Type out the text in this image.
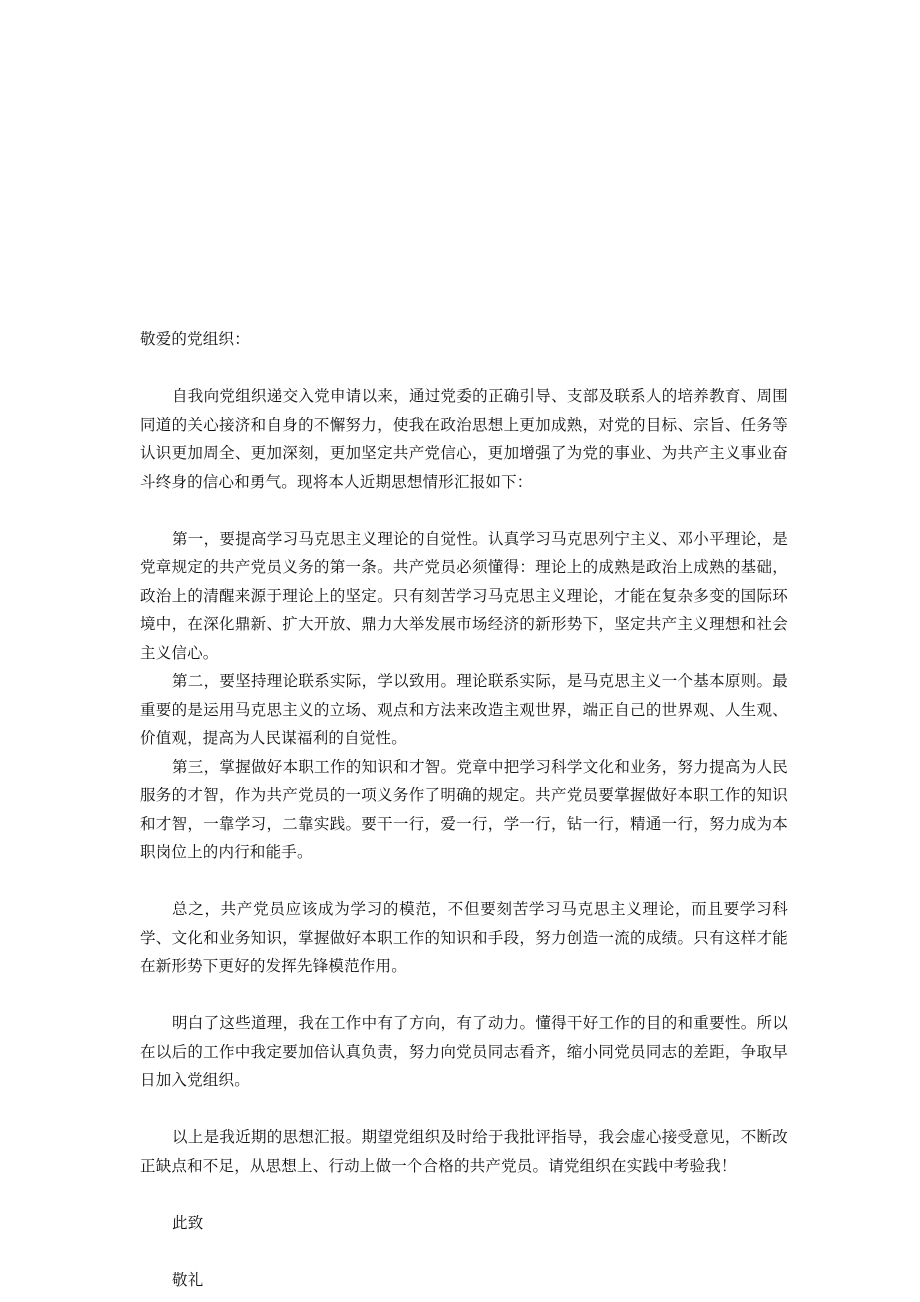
敬爱的党组织：

自我向党组织递交入党申请以来，通过党委的正确引导、支部及联系人的培养教育、周围同道的关心接济和自身的不懈努力，使我在政治思想上更加成熟，对党的目标、宗旨、任务等认识更加周全、更加深刻，更加坚定共产党信心，更加增强了为党的事业、为共产主义事业奋斗终身的信心和勇气。现将本人近期思想情形汇报如下：

第一，要提高学习马克思主义理论的自觉性。认真学习马克思列宁主义、邓小平理论，是党章规定的共产党员义务的第一条。共产党员必须懂得：理论上的成熟是政治上成熟的基础，政治上的清醒来源于理论上的坚定。只有刻苦学习马克思主义理论，才能在复杂多变的国际环境中，在深化鼎新、扩大开放、鼎力大举发展市场经济的新形势下，坚定共产主义理想和社会主义信心。

第二，要坚持理论联系实际，学以致用。理论联系实际，是马克思主义一个基本原则。最重要的是运用马克思主义的立场、观点和方法来改造主观世界，端正自己的世界观、人生观、价值观，提高为人民谋福利的自觉性。

第三，掌握做好本职工作的知识和才智。党章中把学习科学文化和业务，努力提高为人民服务的才智，作为共产党员的一项义务作了明确的规定。共产党员要掌握做好本职工作的知识和才智，一靠学习，二靠实践。要干一行，爱一行，学一行，钻一行，精通一行，努力成为本职岗位上的内行和能手。

总之，共产党员应该成为学习的模范，不但要刻苦学习马克思主义理论，而且要学习科学、文化和业务知识，掌握做好本职工作的知识和手段，努力创造一流的成绩。只有这样才能在新形势下更好的发挥先锋模范作用。

明白了这些道理，我在工作中有了方向，有了动力。懂得干好工作的目的和重要性。所以在以后的工作中我定要加倍认真负责，努力向党员同志看齐，缩小同党员同志的差距，争取早日加入党组织。

以上是我近期的思想汇报。期望党组织及时给于我批评指导，我会虚心接受意见，不断改正缺点和不足，从思想上、行动上做一个合格的共产党员。请党组织在实践中考验我！

此致

敬礼
